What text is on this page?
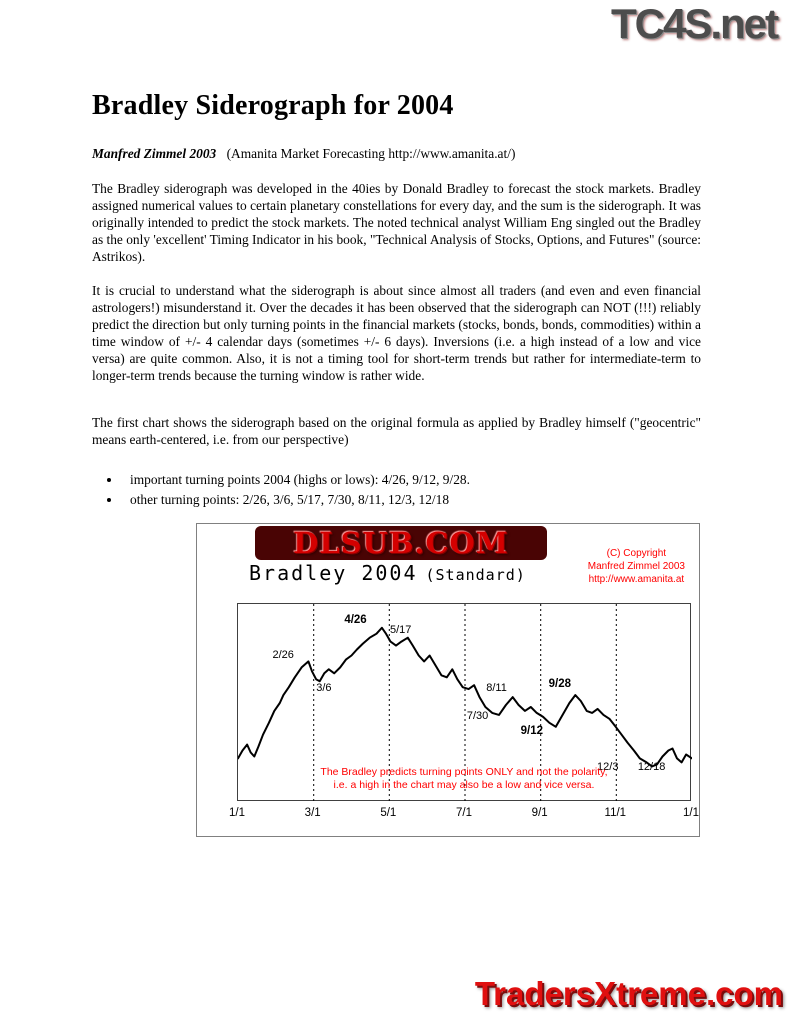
TC4S.net
Bradley Siderograph for 2004

Manfred Zimmel 2003 (Amanita Market Forecasting http://www.amanita.at/)

The Bradley siderograph was developed in the 40ies by Donald Bradley to forecast the stock markets. Bradley assigned numerical values to certain planetary constellations for every day, and the sum is the siderograph. It was originally intended to predict the stock markets. The noted technical analyst William Eng singled out the Bradley as the only 'excellent' Timing Indicator in his book, "Technical Analysis of Stocks, Options, and Futures" (source: Astrikos).

It is crucial to understand what the siderograph is about since almost all traders (and even and even financial astrologers!) misunderstand it. Over the decades it has been observed that the siderograph can NOT (!!!) reliably predict the direction but only turning points in the financial markets (stocks, bonds, bonds, commodities) within a time window of +/- 4 calendar days (sometimes +/- 6 days). Inversions (i.e. a high instead of a low and vice versa) are quite common. Also, it is not a timing tool for short-term trends but rather for intermediate-term to longer-term trends because the turning window is rather wide.

The first chart shows the siderograph based on the original formula as applied by Bradley himself ("geocentric" means earth-centered, i.e. from our perspective)

• important turning points 2004 (highs or lows): 4/26, 9/12, 9/28.
• other turning points: 2/26, 3/6, 5/17, 7/30, 8/11, 12/3, 12/18
DLSUB.COM
Bradley 2004 (Standard)
(C) Copyright
Manfred Zimmel 2003
http://www.amanita.at
2/26
3/6
4/26
5/17
7/30
8/11
9/12
9/28
12/3 12/18
The Bradley predicts turning points ONLY and not the polarity,
i.e. a high in the chart may also be a low and vice versa.
1/1	3/1	5/1	7/1	9/1	11/1	1/1
TradersXtreme.com
